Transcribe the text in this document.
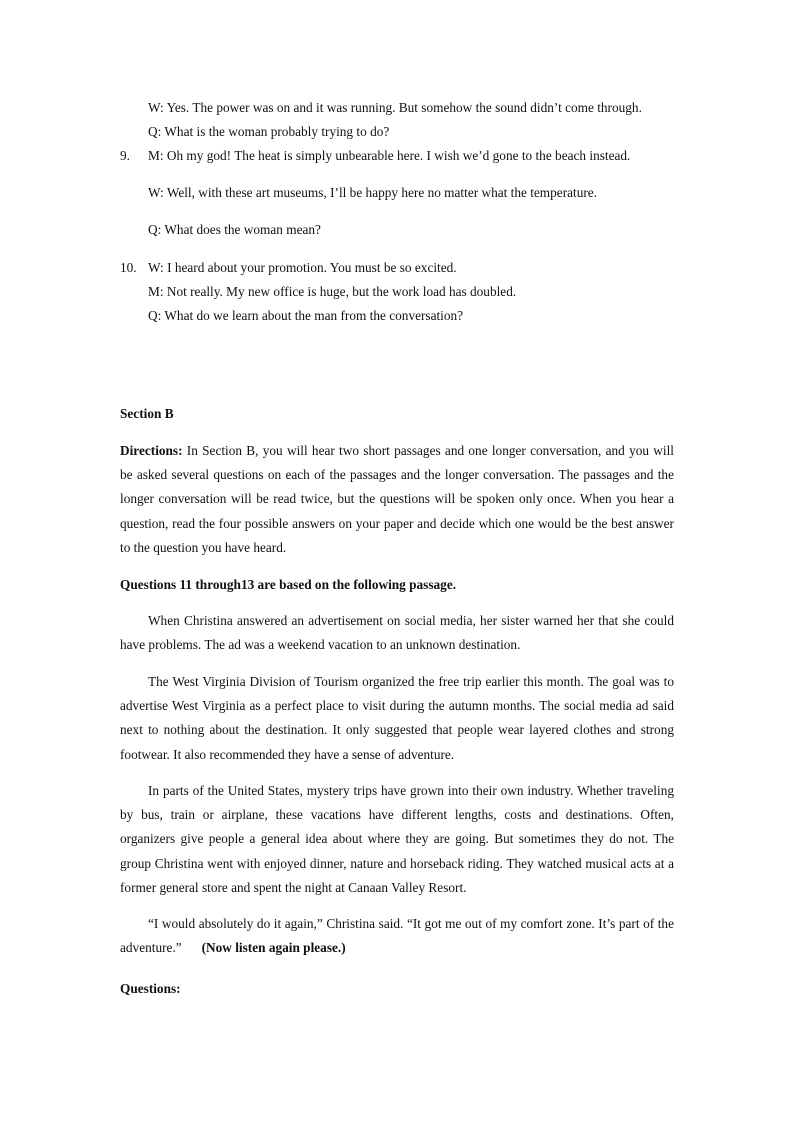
W: Yes. The power was on and it was running. But somehow the sound didn’t come through.
Q: What is the woman probably trying to do?
9. M: Oh my god! The heat is simply unbearable here. I wish we’d gone to the beach instead.
W: Well, with these art museums, I’ll be happy here no matter what the temperature.
Q: What does the woman mean?
10. W: I heard about your promotion. You must be so excited.
M: Not really. My new office is huge, but the work load has doubled.
Q: What do we learn about the man from the conversation?
Section B

Directions: In Section B, you will hear two short passages and one longer conversation, and you will be asked several questions on each of the passages and the longer conversation. The passages and the longer conversation will be read twice, but the questions will be spoken only once. When you hear a question, read the four possible answers on your paper and decide which one would be the best answer to the question you have heard.

Questions 11 through13 are based on the following passage.

When Christina answered an advertisement on social media, her sister warned her that she could have problems. The ad was a weekend vacation to an unknown destination.

The West Virginia Division of Tourism organized the free trip earlier this month. The goal was to advertise West Virginia as a perfect place to visit during the autumn months. The social media ad said next to nothing about the destination. It only suggested that people wear layered clothes and strong footwear. It also recommended they have a sense of adventure.

In parts of the United States, mystery trips have grown into their own industry. Whether traveling by bus, train or airplane, these vacations have different lengths, costs and destinations. Often, organizers give people a general idea about where they are going. But sometimes they do not. The group Christina went with enjoyed dinner, nature and horseback riding. They watched musical acts at a former general store and spent the night at Canaan Valley Resort.

“I would absolutely do it again,” Christina said. “It got me out of my comfort zone. It’s part of the adventure.” (Now listen again please.)

Questions:
